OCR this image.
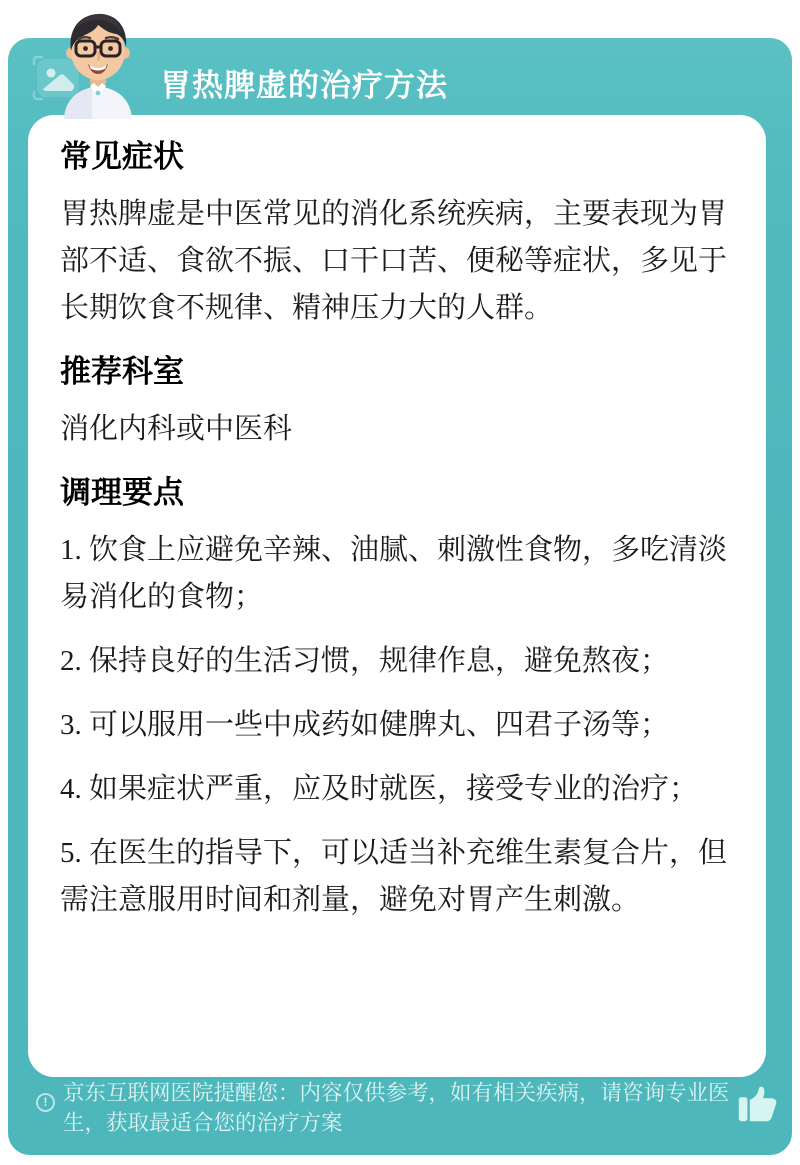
胃热脾虚的治疗方法
常见症状

胃热脾虚是中医常见的消化系统疾病，主要表现为胃部不适、食欲不振、口干口苦、便秘等症状，多见于长期饮食不规律、精神压力大的人群。

推荐科室

消化内科或中医科

调理要点

1. 饮食上应避免辛辣、油腻、刺激性食物，多吃清淡易消化的食物；

2. 保持良好的生活习惯，规律作息，避免熬夜；

3. 可以服用一些中成药如健脾丸、四君子汤等；

4. 如果症状严重，应及时就医，接受专业的治疗；

5. 在医生的指导下，可以适当补充维生素复合片，但需注意服用时间和剂量，避免对胃产生刺激。

! 京东互联网医院提醒您：内容仅供参考，如有相关疾病，请咨询专业医生，获取最适合您的治疗方案
